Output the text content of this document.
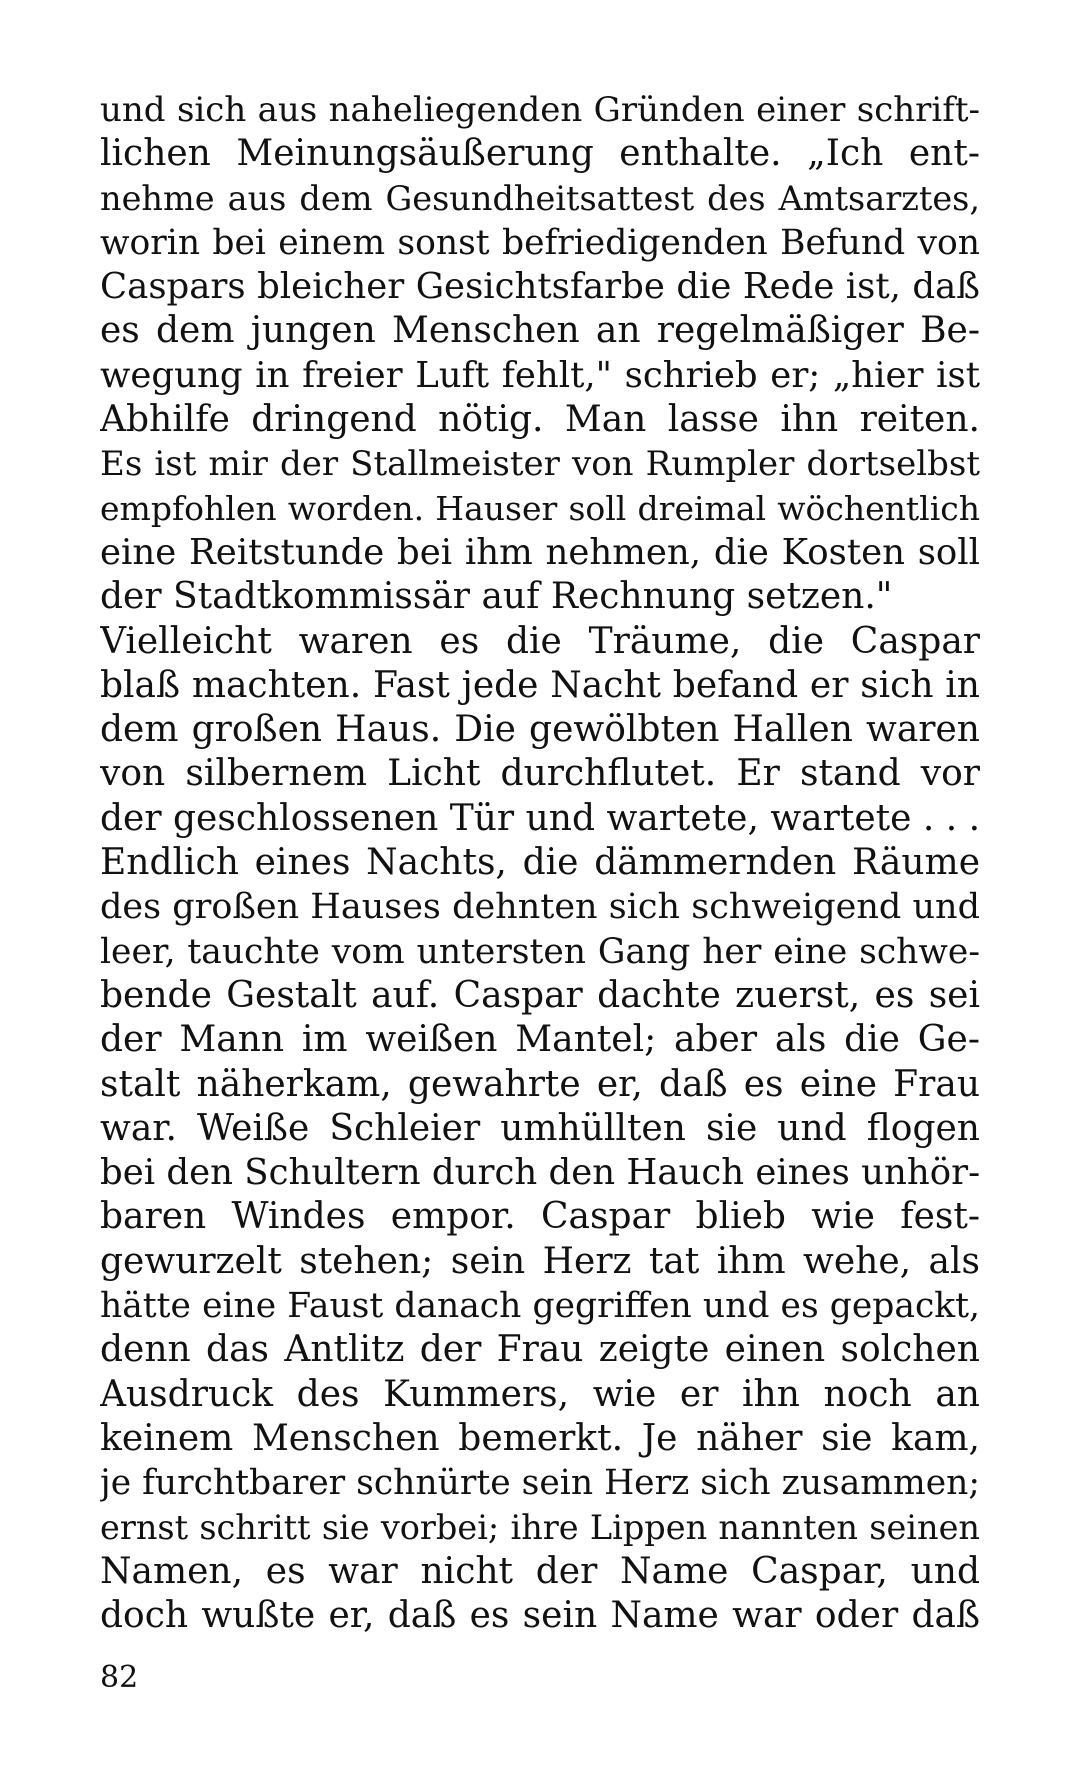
und sich aus naheliegenden Gründen einer schrift-
lichen Meinungsäußerung enthalte. „Ich ent-
nehme aus dem Gesundheitsattest des Amtsarztes,
worin bei einem sonst befriedigenden Befund von
Caspars bleicher Gesichtsfarbe die Rede ist, daß
es dem jungen Menschen an regelmäßiger Be-
wegung in freier Luft fehlt," schrieb er; „hier ist
Abhilfe dringend nötig. Man lasse ihn reiten.
Es ist mir der Stallmeister von Rumpler dortselbst
empfohlen worden. Hauser soll dreimal wöchentlich
eine Reitstunde bei ihm nehmen, die Kosten soll
der Stadtkommissär auf Rechnung setzen."
Vielleicht waren es die Träume, die Caspar
blaß machten. Fast jede Nacht befand er sich in
dem großen Haus. Die gewölbten Hallen waren
von silbernem Licht durchflutet. Er stand vor
der geschlossenen Tür und wartete, wartete . . .
Endlich eines Nachts, die dämmernden Räume
des großen Hauses dehnten sich schweigend und
leer, tauchte vom untersten Gang her eine schwe-
bende Gestalt auf. Caspar dachte zuerst, es sei
der Mann im weißen Mantel; aber als die Ge-
stalt näherkam, gewahrte er, daß es eine Frau
war. Weiße Schleier umhüllten sie und flogen
bei den Schultern durch den Hauch eines unhör-
baren Windes empor. Caspar blieb wie fest-
gewurzelt stehen; sein Herz tat ihm wehe, als
hätte eine Faust danach gegriffen und es gepackt,
denn das Antlitz der Frau zeigte einen solchen
Ausdruck des Kummers, wie er ihn noch an
keinem Menschen bemerkt. Je näher sie kam,
je furchtbarer schnürte sein Herz sich zusammen;
ernst schritt sie vorbei; ihre Lippen nannten seinen
Namen, es war nicht der Name Caspar, und
doch wußte er, daß es sein Name war oder daß
82
